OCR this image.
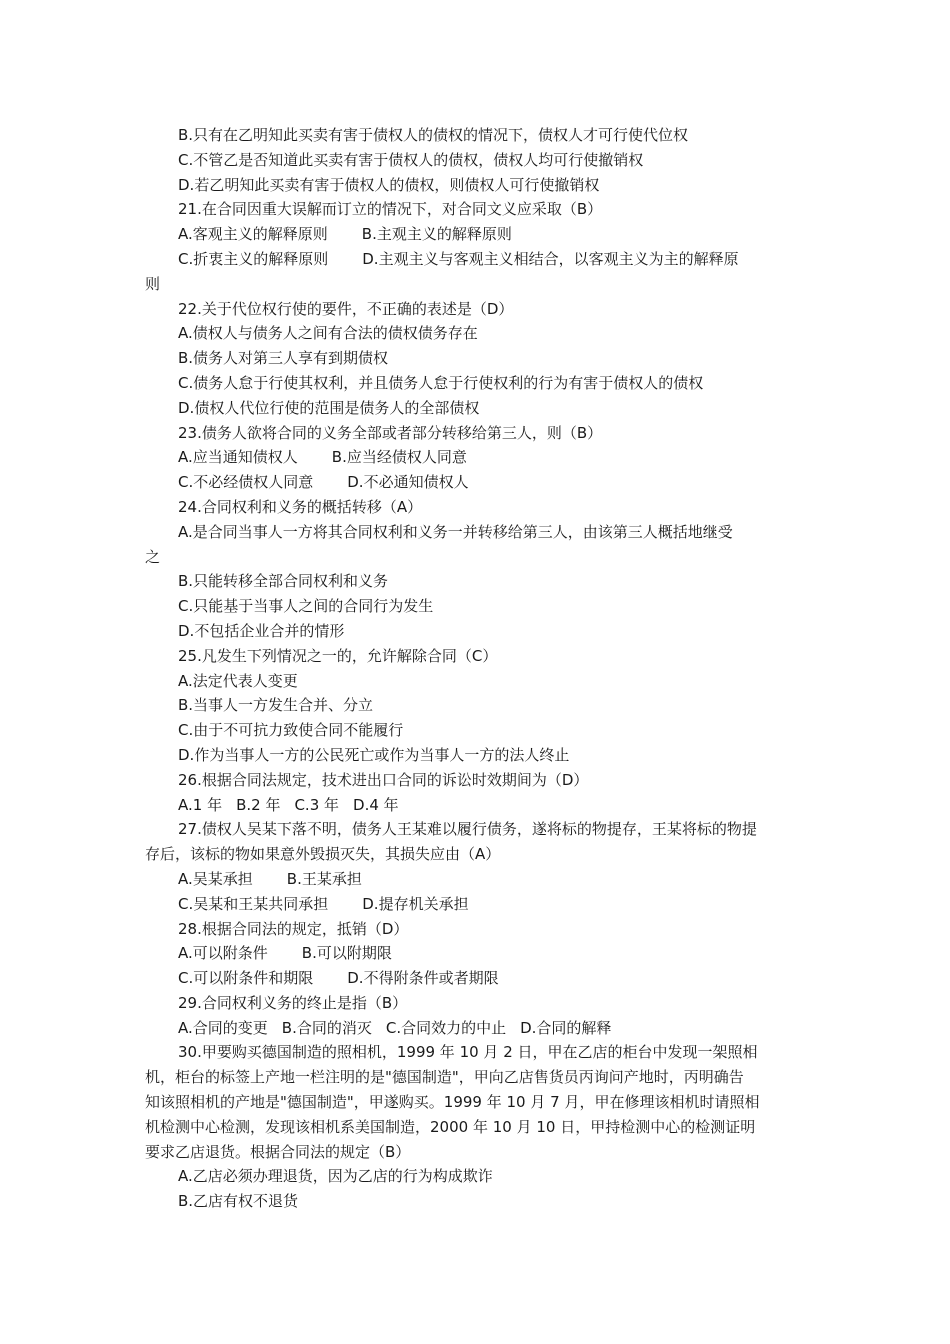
B.只有在乙明知此买卖有害于债权人的债权的情况下，债权人才可行使代位权
C.不管乙是否知道此买卖有害于债权人的债权，债权人均可行使撤销权
D.若乙明知此买卖有害于债权人的债权，则债权人可行使撤销权
21.在合同因重大误解而订立的情况下，对合同文义应采取（B）
A.客观主义的解释原则 B.主观主义的解释原则
C.折衷主义的解释原则 D.主观主义与客观主义相结合，以客观主义为主的解释原
则
22.关于代位权行使的要件，不正确的表述是（D）
A.债权人与债务人之间有合法的债权债务存在
B.债务人对第三人享有到期债权
C.债务人怠于行使其权利，并且债务人怠于行使权利的行为有害于债权人的债权
D.债权人代位行使的范围是债务人的全部债权
23.债务人欲将合同的义务全部或者部分转移给第三人，则（B）
A.应当通知债权人 B.应当经债权人同意
C.不必经债权人同意 D.不必通知债权人
24.合同权利和义务的概括转移（A）
A.是合同当事人一方将其合同权利和义务一并转移给第三人，由该第三人概括地继受
之
B.只能转移全部合同权利和义务
C.只能基于当事人之间的合同行为发生
D.不包括企业合并的情形
25.凡发生下列情况之一的，允许解除合同（C）
A.法定代表人变更
B.当事人一方发生合并、分立
C.由于不可抗力致使合同不能履行
D.作为当事人一方的公民死亡或作为当事人一方的法人终止
26.根据合同法规定，技术进出口合同的诉讼时效期间为（D）
A.1 年 B.2 年 C.3 年 D.4 年
27.债权人吴某下落不明，债务人王某难以履行债务，遂将标的物提存，王某将标的物提
存后，该标的物如果意外毁损灭失，其损失应由（A）
A.吴某承担 B.王某承担
C.吴某和王某共同承担 D.提存机关承担
28.根据合同法的规定，抵销（D）
A.可以附条件 B.可以附期限
C.可以附条件和期限 D.不得附条件或者期限
29.合同权利义务的终止是指（B）
A.合同的变更 B.合同的消灭 C.合同效力的中止 D.合同的解释
30.甲要购买德国制造的照相机，1999 年 10 月 2 日，甲在乙店的柜台中发现一架照相
机，柜台的标签上产地一栏注明的是"德国制造"，甲向乙店售货员丙询问产地时，丙明确告
知该照相机的产地是"德国制造"，甲遂购买。1999 年 10 月 7 月，甲在修理该相机时请照相
机检测中心检测，发现该相机系美国制造，2000 年 10 月 10 日，甲持检测中心的检测证明
要求乙店退货。根据合同法的规定（B）
A.乙店必须办理退货，因为乙店的行为构成欺诈
B.乙店有权不退货
